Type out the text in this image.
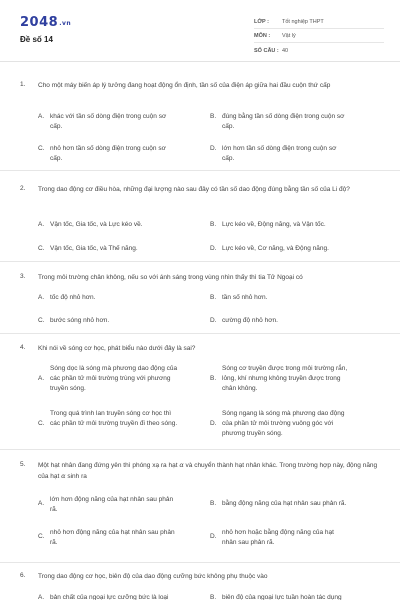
2048.vn
Đề số 14
LỚP :	Tốt nghiệp THPT
MÔN :	Vật lý
SỐ CÂU : 40
1. Cho một máy biến áp lý tưởng đang hoạt động ổn định, tần số của điện áp giữa hai đầu cuộn thứ cấp
A. khác với tần số dòng điện trong cuộn sơ cấp.
B. đúng bằng tần số dòng điện trong cuộn sơ cấp.
C. nhỏ hơn tần số dòng điện trong cuộn sơ cấp.
D. lớn hơn tần số dòng điện trong cuộn sơ cấp.
2. Trong dao động cơ điều hòa, những đại lượng nào sau đây có tần số dao động đúng bằng tần số của Li độ?
A. Vận tốc, Gia tốc, và Lực kéo về.	B. Lực kéo về, Động năng, và Vận tốc.
C. Vận tốc, Gia tốc, và Thế năng.	D. Lực kéo về, Cơ năng, và Động năng.
3. Trong môi trường chân không, nếu so với ánh sáng trong vùng nhìn thấy thì tia Tử Ngoại có
A. tốc độ nhỏ hơn.	B. tần số nhỏ hơn.
C. bước sóng nhỏ hơn.	D. cường độ nhỏ hơn.
4. Khi nói về sóng cơ học, phát biểu nào dưới đây là sai?
A.
Sóng dọc là sóng mà phương dao động của các phần tử môi trường trùng với phương truyền sóng.
B.
Sóng cơ truyền được trong môi trường rắn, lỏng, khí nhưng không truyền được trong chân không.
C.
Trong quá trình lan truyền sóng cơ học thì các phần tử môi trường truyền đi theo sóng.	D.
Sóng ngang là sóng mà phương dao động của phần tử môi trường vuông góc với phương truyền sóng.
5. Một hạt nhân đang đứng yên thì phóng xạ ra hạt α và chuyển thành hạt nhân khác. Trong trường hợp này, động năng của hạt α sinh ra
A.
lớn hơn động năng của hạt nhân sau phản rã.
B. bằng động năng của hạt nhân sau phản rã.
C.
nhỏ hơn động năng của hạt nhân sau phản rã.
D.
nhỏ hơn hoặc bằng động năng của hạt nhân sau phản rã.
6. Trong dao động cơ học, biên độ của dao động cưỡng bức không phụ thuộc vào
A. bản chất của ngoại lực cưỡng bức là loại	B. biên độ của ngoại lực tuần hoàn tác dụng
